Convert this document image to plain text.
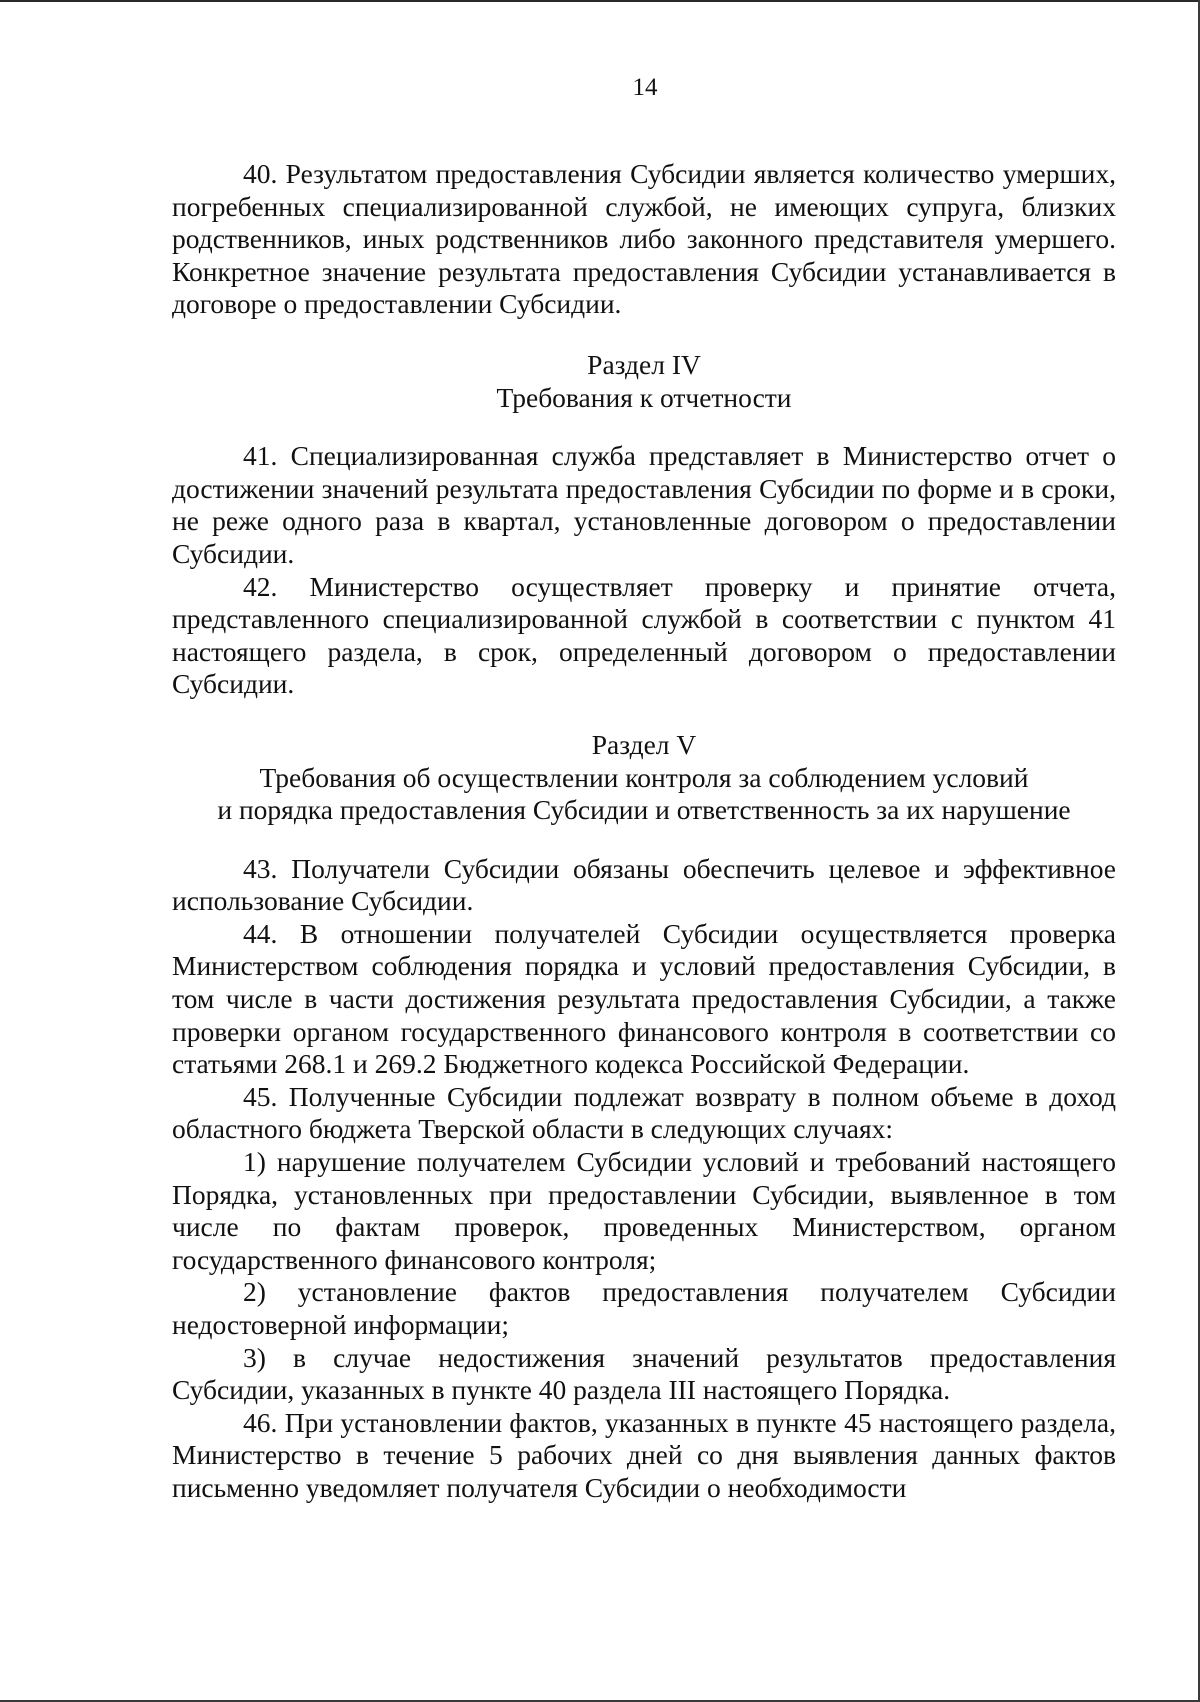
14

40. Результатом предоставления Субсидии является количество умерших, погребенных специализированной службой, не имеющих супруга, близких родственников, иных родственников либо законного представителя умершего. Конкретное значение результата предоставления Субсидии устанавливается в договоре о предоставлении Субсидии.

Раздел IV
Требования к отчетности

41. Специализированная служба представляет в Министерство отчет о достижении значений результата предоставления Субсидии по форме и в сроки, не реже одного раза в квартал, установленные договором о предоставлении Субсидии.

42. Министерство осуществляет проверку и принятие отчета, представленного специализированной службой в соответствии с пунктом 41 настоящего раздела, в срок, определенный договором о предоставлении Субсидии.

Раздел V
Требования об осуществлении контроля за соблюдением условий
и порядка предоставления Субсидии и ответственность за их нарушение

43. Получатели Субсидии обязаны обеспечить целевое и эффективное использование Субсидии.

44. В отношении получателей Субсидии осуществляется проверка Министерством соблюдения порядка и условий предоставления Субсидии, в том числе в части достижения результата предоставления Субсидии, а также проверки органом государственного финансового контроля в соответствии со статьями 268.1 и 269.2 Бюджетного кодекса Российской Федерации.

45. Полученные Субсидии подлежат возврату в полном объеме в доход областного бюджета Тверской области в следующих случаях:

1) нарушение получателем Субсидии условий и требований настоящего Порядка, установленных при предоставлении Субсидии, выявленное в том числе по фактам проверок, проведенных Министерством, органом государственного финансового контроля;

2) установление фактов предоставления получателем Субсидии недостоверной информации;

3) в случае недостижения значений результатов предоставления Субсидии, указанных в пункте 40 раздела III настоящего Порядка.

46. При установлении фактов, указанных в пункте 45 настоящего раздела, Министерство в течение 5 рабочих дней со дня выявления данных фактов письменно уведомляет получателя Субсидии о необходимости
